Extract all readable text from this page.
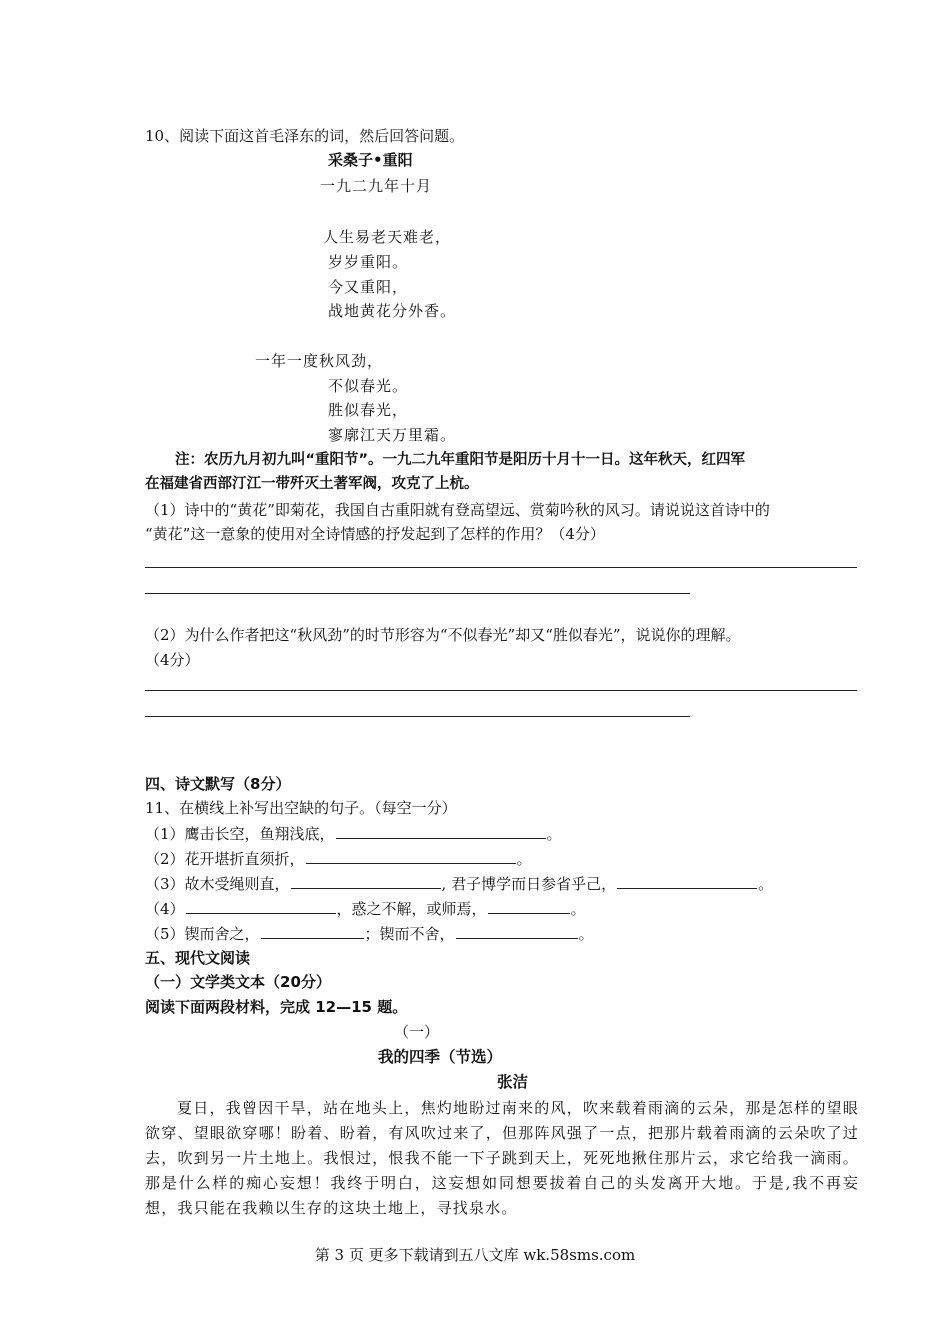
10、阅读下面这首毛泽东的词，然后回答问题。
采桑子•重阳
一九二九年十月
人生易老天难老，
岁岁重阳。
今又重阳，
战地黄花分外香。
一年一度秋风劲，
不似春光。
胜似春光，
寥廓江天万里霜。
注：农历九月初九叫“重阳节”。一九二九年重阳节是阳历十月十一日。这年秋天，红四军
在福建省西部汀江一带歼灭土著军阀，攻克了上杭。
（1）诗中的“黄花”即菊花，我国自古重阳就有登高望远、赏菊吟秋的风习。请说说这首诗中的
“黄花”这一意象的使用对全诗情感的抒发起到了怎样的作用？（4分）
（2）为什么作者把这“秋风劲”的时节形容为“不似春光”却又“胜似春光”，说说你的理解。
（4分）
四、诗文默写（8分）
11、在横线上补写出空缺的句子。（每空一分）
（1）鹰击长空，鱼翔浅底，	。
（2）花开堪折直须折，	。
（3）故木受绳则直，	, 君子博学而日参省乎己，	。
（4）	，惑之不解，或师焉，	。
（5）锲而舍之，	；锲而不舍，	。
五、现代文阅读
（一）文学类文本（20分）
阅读下面两段材料，完成 12—15 题。
（一）
我的四季（节选）
张洁
夏日，我曾因干旱，站在地头上，焦灼地盼过南来的风，吹来载着雨滴的云朵，那是怎样的望眼欲穿、望眼欲穿哪！盼着、盼着，有风吹过来了，但那阵风强了一点，把那片载着雨滴的云朵吹了过去，吹到另一片土地上。我恨过，恨我不能一下子跳到天上，死死地揪住那片云，求它给我一滴雨。那是什么样的痴心妄想！我终于明白，这妄想如同想要拔着自己的头发离开大地。于是,我不再妄想，我只能在我赖以生存的这块土地上，寻找泉水。
第 3 页 更多下载请到五八文库 wk.58sms.com
